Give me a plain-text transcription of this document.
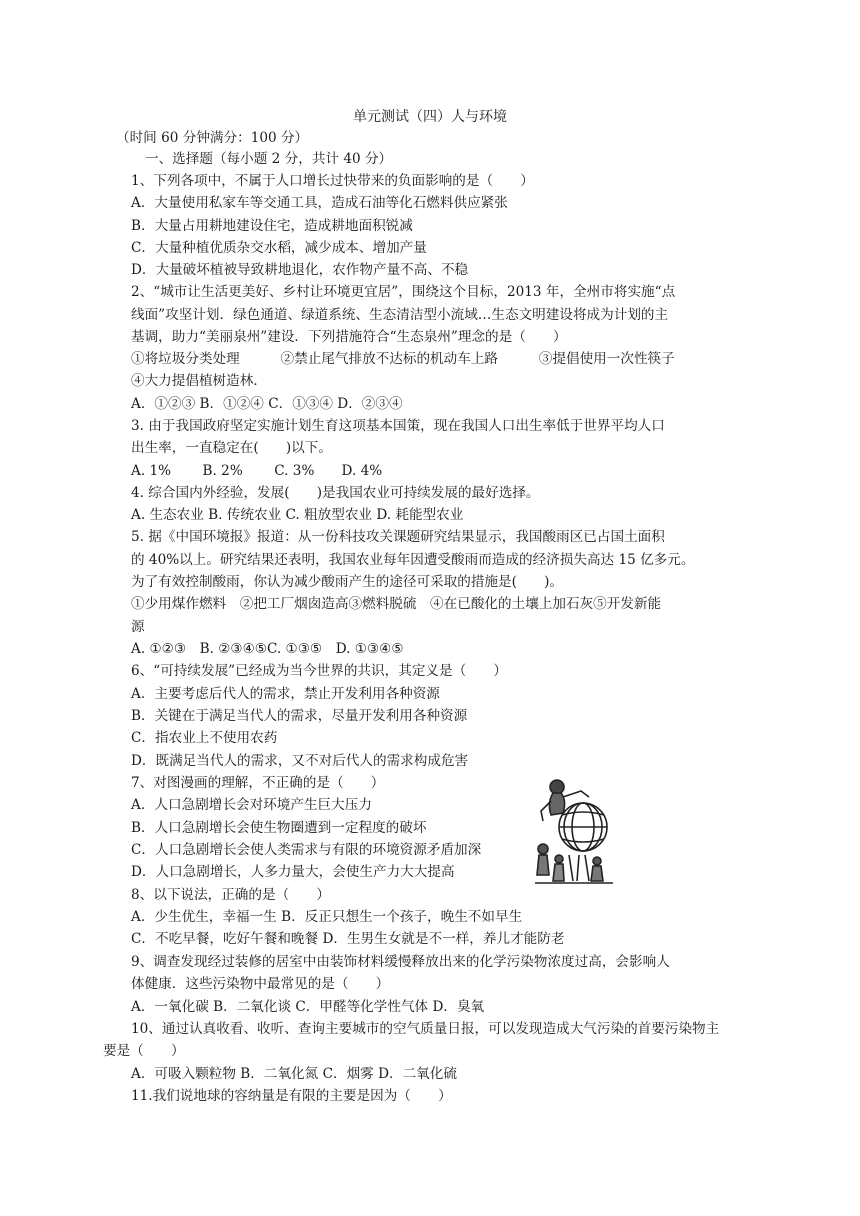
单元测试（四）人与环境
（时间 60 分钟满分：100 分）
一、选择题（每小题 2 分，共计 40 分）
1、下列各项中，不属于人口增长过快带来的负面影响的是（　　）
A．大量使用私家车等交通工具，造成石油等化石燃料供应紧张
B．大量占用耕地建设住宅，造成耕地面积锐减
C．大量种植优质杂交水稻，减少成本、增加产量
D．大量破坏植被导致耕地退化，农作物产量不高、不稳
2、“城市让生活更美好、乡村让环境更宜居”，围绕这个目标，2013 年，全州市将实施“点
线面”攻坚计划．绿色通道、绿道系统、生态清洁型小流域…生态文明建设将成为计划的主
基调，助力“美丽泉州”建设．下列措施符合“生态泉州”理念的是（　　）
①将垃圾分类处理　　　②禁止尾气排放不达标的机动车上路　　　③提倡使用一次性筷子
④大力提倡植树造林．
A．①②③ B．①②④ C．①③④ D．②③④
3. 由于我国政府坚定实施计划生育这项基本国策，现在我国人口出生率低于世界平均人口
出生率，一直稳定在(　　)以下。
A. 1%　　 B. 2%　　 C. 3%　　D. 4%
4. 综合国内外经验，发展(　　)是我国农业可持续发展的最好选择。
A. 生态农业 B. 传统农业 C. 粗放型农业 D. 耗能型农业
5. 据《中国环境报》报道：从一份科技攻关课题研究结果显示，我国酸雨区已占国土面积
的 40%以上。研究结果还表明，我国农业每年因遭受酸雨而造成的经济损失高达 15 亿多元。
为了有效控制酸雨，你认为减少酸雨产生的途径可采取的措施是(　　)。
①少用煤作燃料　②把工厂烟囱造高③燃料脱硫　④在已酸化的土壤上加石灰⑤开发新能
源
A. ①②③　B. ②③④⑤C. ①③⑤　D. ①③④⑤
6、“可持续发展”已经成为当今世界的共识，其定义是（　　）
A．主要考虑后代人的需求，禁止开发利用各种资源
B．关键在于满足当代人的需求，尽量开发利用各种资源
C．指农业上不使用农药
D．既满足当代人的需求，又不对后代人的需求构成危害
7、对图漫画的理解，不正确的是（　　）
A．人口急剧增长会对环境产生巨大压力
B．人口急剧增长会使生物圈遭到一定程度的破坏
C．人口急剧增长会使人类需求与有限的环境资源矛盾加深
D．人口急剧增长，人多力量大，会使生产力大大提高
8、以下说法，正确的是（　　）
A．少生优生，幸福一生 B．反正只想生一个孩子，晚生不如早生
C．不吃早餐，吃好午餐和晚餐 D．生男生女就是不一样，养儿才能防老
9、调查发现经过装修的居室中由装饰材料缓慢释放出来的化学污染物浓度过高，会影响人
体健康．这些污染物中最常见的是（　　）
A．一氧化碳 B．二氧化谈 C．甲醛等化学性气体 D．臭氧
10、通过认真收看、收听、查询主要城市的空气质量日报，可以发现造成大气污染的首要污染物主
要是（　　）
A．可吸入颗粒物 B．二氧化氮 C．烟雾 D．二氧化硫
11.我们说地球的容纳量是有限的主要是因为（　　）
